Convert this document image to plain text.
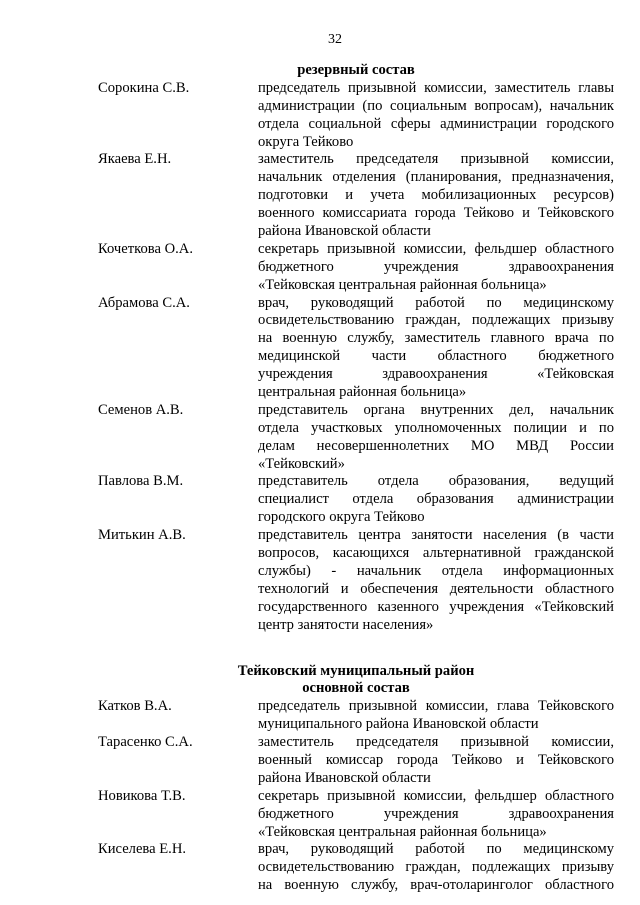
32
резервный состав
Сорокина С.В.	председатель призывной комиссии, заместитель главы
администрации (по социальным вопросам), начальник
отдела социальной сферы администрации городского
округа Тейково
Якаева Е.Н.	заместитель председателя призывной комиссии,
начальник отделения (планирования, предназначения,
подготовки и учета мобилизационных ресурсов)
военного комиссариата города Тейково и Тейковского
района Ивановской области
Кочеткова О.А.	секретарь призывной комиссии, фельдшер областного
бюджетного учреждения здравоохранения
«Тейковская центральная районная больница»
Абрамова С.А.	врач, руководящий работой по медицинскому
освидетельствованию граждан, подлежащих призыву
на военную службу, заместитель главного врача по
медицинской части областного бюджетного
учреждения здравоохранения «Тейковская
центральная районная больница»
Семенов А.В.	представитель органа внутренних дел, начальник
отдела участковых уполномоченных полиции и по
делам несовершеннолетних МО МВД России
«Тейковский»
Павлова В.М.	представитель отдела образования, ведущий
специалист отдела образования администрации
городского округа Тейково
Митькин А.В.	представитель центра занятости населения (в части
вопросов, касающихся альтернативной гражданской
службы) - начальник отдела информационных
технологий и обеспечения деятельности областного
государственного казенного учреждения «Тейковский
центр занятости населения»
Тейковский муниципальный район
основной состав
Катков В.А.	председатель призывной комиссии, глава Тейковского
муниципального района Ивановской области
Тарасенко С.А.	заместитель председателя призывной комиссии,
военный комиссар города Тейково и Тейковского
района Ивановской области
Новикова Т.В.	секретарь призывной комиссии, фельдшер областного
бюджетного учреждения здравоохранения
«Тейковская центральная районная больница»
Киселева Е.Н.	врач, руководящий работой по медицинскому
освидетельствованию граждан, подлежащих призыву
на военную службу, врач-отоларинголог областного
